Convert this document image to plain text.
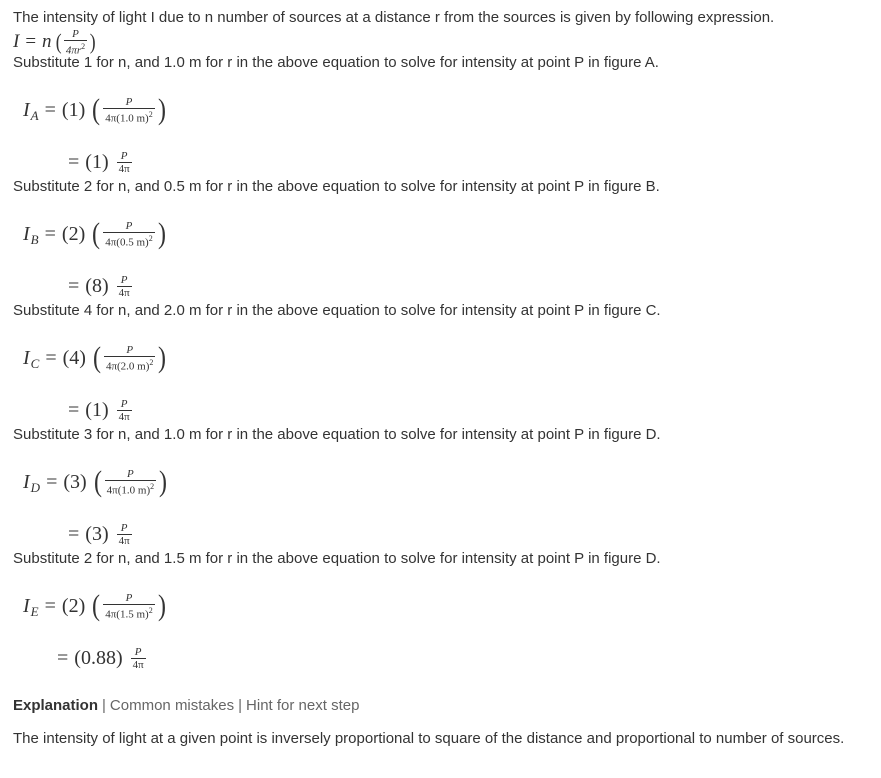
The intensity of light I due to n number of sources at a distance r from the sources is given by following expression.
I = n ( $\frac{P}{4\pi r^2}$ )
Substitute 1 for n, and 1.0 m for r in the above equation to solve for intensity at point P in figure A.
I A = (1) ( $\frac{P}{4\pi(1.0 m)^2}$ )
= $(1) \frac{P}{4\pi}$
Substitute 2 for n, and 0.5 m for r in the above equation to solve for intensity at point P in figure B.
I B = (2) ( $\frac{P}{4\pi(0.5 m)^2}$ )
= $(8) \frac{P}{4\pi}$
Substitute 4 for n, and 2.0 m for r in the above equation to solve for intensity at point P in figure C.
I C = (4) ( $\frac{P}{4\pi(2.0 m)^2}$ )
= $(1) \frac{P}{4\pi}$
Substitute 3 for n, and 1.0 m for r in the above equation to solve for intensity at point P in figure D.
I D = (3) ( $\frac{P}{4\pi(1.0 m)^2}$ )
= $(3) \frac{P}{4\pi}$
Substitute 2 for n, and 1.5 m for r in the above equation to solve for intensity at point P in figure D.
I E = (2) ( $\frac{P}{4\pi(1.5 m)^2}$ )
= $(0.88) \frac{P}{4\pi}$
Explanation | Common mistakes | Hint for next step
The intensity of light at a given point is inversely proportional to square of the distance and proportional to number of sources.
